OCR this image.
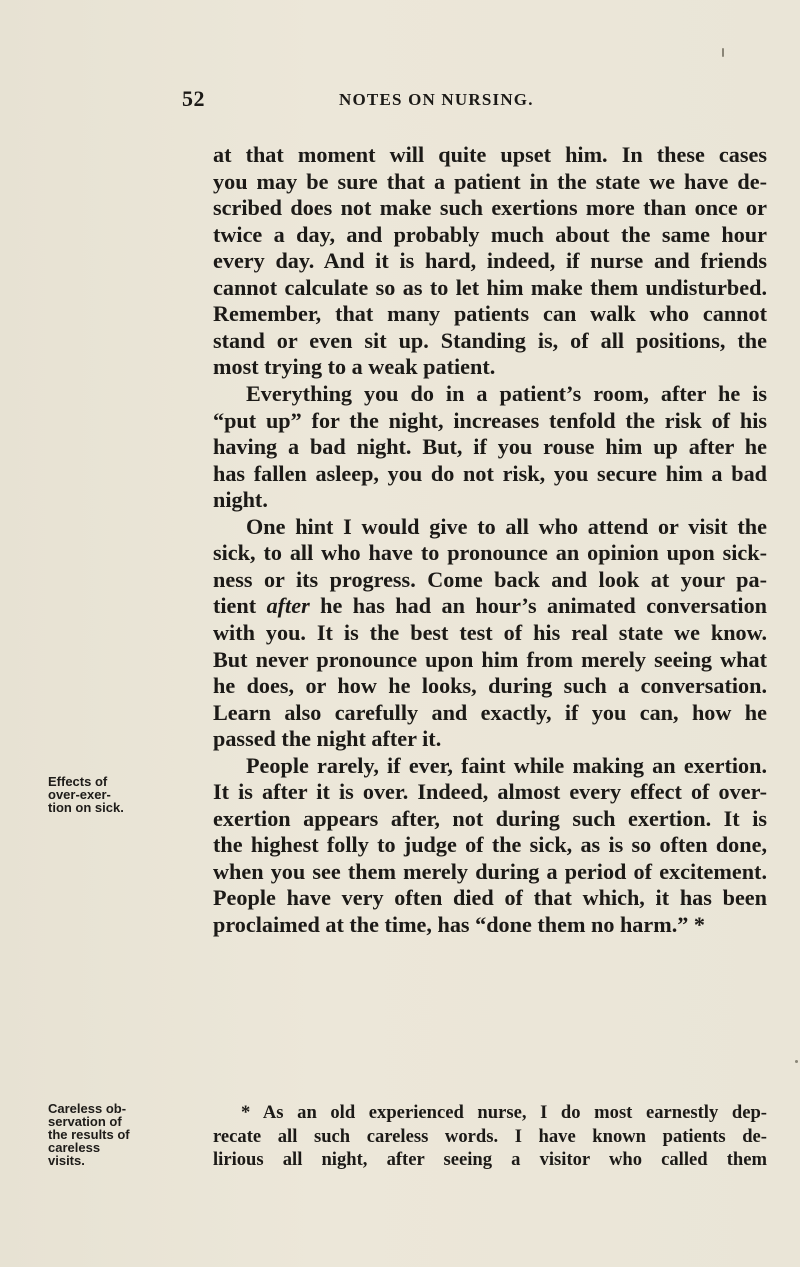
52	NOTES ON NURSING.
at that moment will quite upset him. In these cases
you may be sure that a patient in the state we have de-
scribed does not make such exertions more than once or
twice a day, and probably much about the same hour
every day. And it is hard, indeed, if nurse and friends
cannot calculate so as to let him make them undisturbed.
Remember, that many patients can walk who cannot
stand or even sit up. Standing is, of all positions, the
most trying to a weak patient.
Everything you do in a patient’s room, after he is
“put up” for the night, increases tenfold the risk of his
having a bad night. But, if you rouse him up after he
has fallen asleep, you do not risk, you secure him a bad
night.
One hint I would give to all who attend or visit the
sick, to all who have to pronounce an opinion upon sick-
ness or its progress. Come back and look at your pa-
tient after he has had an hour’s animated conversation
with you. It is the best test of his real state we know.
But never pronounce upon him from merely seeing what
he does, or how he looks, during such a conversation.
Learn also carefully and exactly, if you can, how he
passed the night after it.
People rarely, if ever, faint while making an exertion.
It is after it is over. Indeed, almost every effect of over-
exertion appears after, not during such exertion. It is
the highest folly to judge of the sick, as is so often done,
when you see them merely during a period of excitement.
People have very often died of that which, it has been
proclaimed at the time, has “done them no harm.” *
* As an old experienced nurse, I do most earnestly dep-
recate all such careless words. I have known patients de-
lirious all night, after seeing a visitor who called them
Effects of
over-exer-
tion on sick.
Careless ob-
servation of
the results of
careless
visits.
